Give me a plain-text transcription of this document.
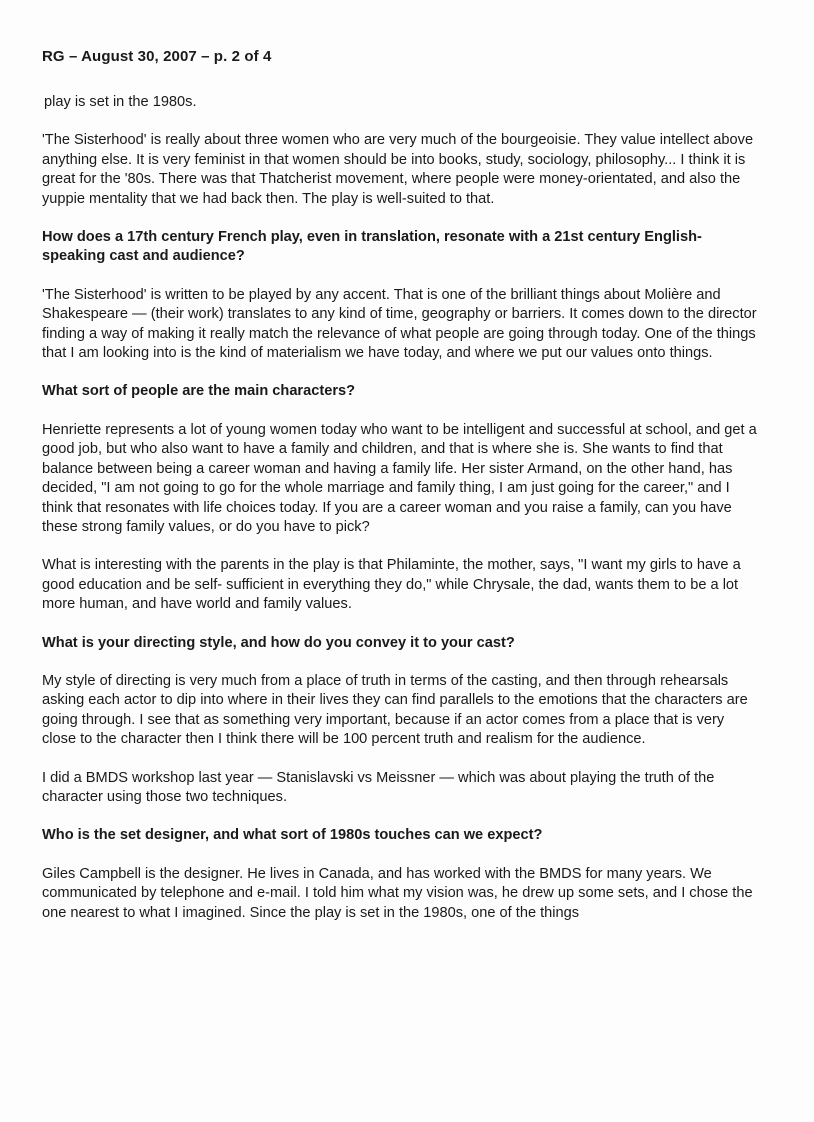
RG – August 30, 2007 – p. 2 of 4

play is set in the 1980s.

'The Sisterhood' is really about three women who are very much of the bourgeoisie. They value intellect above anything else. It is very feminist in that women should be into books, study, sociology, philosophy... I think it is great for the '80s. There was that Thatcherist movement, where people were money-orientated, and also the yuppie mentality that we had back then. The play is well-suited to that.

How does a 17th century French play, even in translation, resonate with a 21st century English-speaking cast and audience?

'The Sisterhood' is written to be played by any accent. That is one of the brilliant things about Molière and Shakespeare — (their work) translates to any kind of time, geography or barriers. It comes down to the director finding a way of making it really match the relevance of what people are going through today. One of the things that I am looking into is the kind of materialism we have today, and where we put our values onto things.

What sort of people are the main characters?

Henriette represents a lot of young women today who want to be intelligent and successful at school, and get a good job, but who also want to have a family and children, and that is where she is. She wants to find that balance between being a career woman and having a family life. Her sister Armand, on the other hand, has decided, "I am not going to go for the whole marriage and family thing, I am just going for the career," and I think that resonates with life choices today. If you are a career woman and you raise a family, can you have these strong family values, or do you have to pick?

What is interesting with the parents in the play is that Philaminte, the mother, says, "I want my girls to have a good education and be self- sufficient in everything they do," while Chrysale, the dad, wants them to be a lot more human, and have world and family values.

What is your directing style, and how do you convey it to your cast?

My style of directing is very much from a place of truth in terms of the casting, and then through rehearsals asking each actor to dip into where in their lives they can find parallels to the emotions that the characters are going through. I see that as something very important, because if an actor comes from a place that is very close to the character then I think there will be 100 percent truth and realism for the audience.

I did a BMDS workshop last year — Stanislavski vs Meissner — which was about playing the truth of the character using those two techniques.

Who is the set designer, and what sort of 1980s touches can we expect?

Giles Campbell is the designer. He lives in Canada, and has worked with the BMDS for many years. We communicated by telephone and e-mail. I told him what my vision was, he drew up some sets, and I chose the one nearest to what I imagined. Since the play is set in the 1980s, one of the things
